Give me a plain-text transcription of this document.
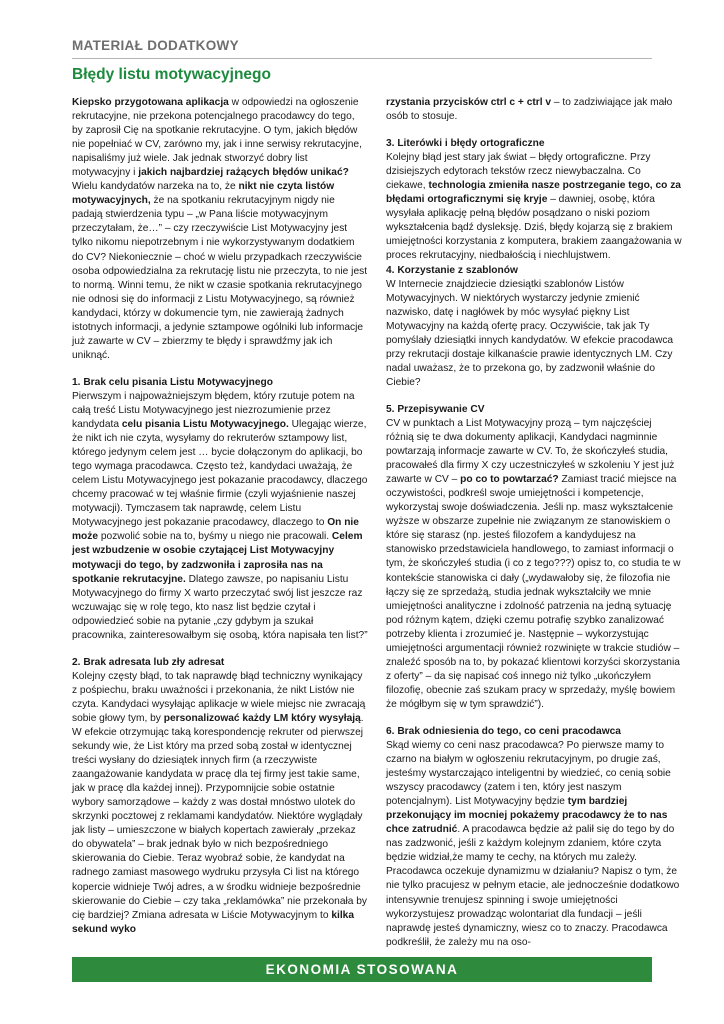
MATERIAŁ DODATKOWY
Błędy listu motywacyjnego

Kiepsko przygotowana aplikacja w odpowiedzi na ogłoszenie rekrutacyjne, nie przekona potencjalnego pracodawcy do tego, by zaprosił Cię na spotkanie rekrutacyjne. O tym, jakich błędów nie popełniać w CV, zarówno my, jak i inne serwisy rekrutacyjne, napisaliśmy już wiele. Jak jednak stworzyć dobry list motywacyjny i jakich najbardziej rażących błędów unikać? Wielu kandydatów narzeka na to, że nikt nie czyta listów motywacyjnych, że na spotkaniu rekrutacyjnym nigdy nie padają stwierdzenia typu – „w Pana liście motywacyjnym przeczytałam, że…” – czy rzeczywiście List Motywacyjny jest tylko nikomu niepotrzebnym i nie wykorzystywanym dodatkiem do CV? Niekoniecznie – choć w wielu przypadkach rzeczywiście osoba odpowiedzialna za rekrutację listu nie przeczyta, to nie jest to normą. Winni temu, że nikt w czasie spotkania rekrutacyjnego nie odnosi się do informacji z Listu Motywacyjnego, są również kandydaci, którzy w dokumencie tym, nie zawierają żadnych istotnych informacji, a jedynie sztampowe ogólniki lub informacje już zawarte w CV – zbierzmy te błędy i sprawdźmy jak ich uniknąć.

1. Brak celu pisania Listu Motywacyjnego

Pierwszym i najpoważniejszym błędem, który rzutuje potem na całą treść Listu Motywacyjnego jest niezrozumienie przez kandydata celu pisania Listu Motywacyjnego. Ulegając wierze, że nikt ich nie czyta, wysyłamy do rekruterów sztampowy list, którego jedynym celem jest … bycie dołączonym do aplikacji, bo tego wymaga pracodawca. Często też, kandydaci uważają, że celem Listu Motywacyjnego jest pokazanie pracodawcy, dlaczego chcemy pracować w tej właśnie firmie (czyli wyjaśnienie naszej motywacji). Tymczasem tak naprawdę, celem Listu Motywacyjnego jest pokazanie pracodawcy, dlaczego to On nie może pozwolić sobie na to, byśmy u niego nie pracowali. Celem jest wzbudzenie w osobie czytającej List Motywacyjny motywacji do tego, by zadzwoniła i zaprosiła nas na spotkanie rekrutacyjne. Dlatego zawsze, po napisaniu Listu Motywacyjnego do firmy X warto przeczytać swój list jeszcze raz wczuwając się w rolę tego, kto nasz list będzie czytał i odpowiedzieć sobie na pytanie „czy gdybym ja szukał pracownika, zainteresowałbym się osobą, która napisała ten list?”

2. Brak adresata lub zły adresat

Kolejny częsty błąd, to tak naprawdę błąd techniczny wynikający z pośpiechu, braku uważności i przekonania, że nikt Listów nie czyta. Kandydaci wysyłając aplikacje w wiele miejsc nie zwracają sobie głowy tym, by personalizować każdy LM który wysyłają. W efekcie otrzymując taką korespondencję rekruter od pierwszej sekundy wie, że List który ma przed sobą został w identycznej treści wysłany do dziesiątek innych firm (a rzeczywiste zaangażowanie kandydata w pracę dla tej firmy jest takie same, jak w pracę dla każdej innej). Przypomnijcie sobie ostatnie wybory samorządowe – każdy z was dostał mnóstwo ulotek do skrzynki pocztowej z reklamami kandydatów. Niektóre wyglądały jak listy – umieszczone w białych kopertach zawierały „przekaz do obywatela” – brak jednak było w nich bezpośredniego skierowania do Ciebie. Teraz wyobraź sobie, że kandydat na radnego zamiast masowego wydruku przysyła Ci list na którego kopercie widnieje Twój adres, a w środku widnieje bezpośrednie skierowanie do Ciebie – czy taka „reklamówka” nie przekonała by cię bardziej? Zmiana adresata w Liście Motywacyjnym to kilka sekund wyko

rzystania przycisków ctrl c + ctrl v – to zadziwiające jak mało osób to stosuje.

3. Literówki i błędy ortograficzne

Kolejny błąd jest stary jak świat – błędy ortograficzne. Przy dzisiejszych edytorach tekstów rzecz niewybaczalna. Co ciekawe, technologia zmieniła nasze postrzeganie tego, co za błędami ortograficznymi się kryje – dawniej, osobę, która wysyłała aplikację pełną błędów posądzano o niski poziom wykształcenia bądź dysleksję. Dziś, błędy kojarzą się z brakiem umiejętności korzystania z komputera, brakiem zaangażowania w proces rekrutacyjny, niedbałością i niechlujstwem.

4. Korzystanie z szablonów

W Internecie znajdziecie dziesiątki szablonów Listów Motywacyjnych. W niektórych wystarczy jedynie zmienić nazwisko, datę i nagłówek by móc wysyłać piękny List Motywacyjny na każdą ofertę pracy. Oczywiście, tak jak Ty pomyślały dziesiątki innych kandydatów. W efekcie pracodawca przy rekrutacji dostaje kilkanaście prawie identycznych LM. Czy nadal uważasz, że to przekona go, by zadzwonił właśnie do Ciebie?

5. Przepisywanie CV

CV w punktach a List Motywacyjny prozą – tym najczęściej różnią się te dwa dokumenty aplikacji, Kandydaci nagminnie powtarzają informacje zawarte w CV. To, że skończyłeś studia, pracowałeś dla firmy X czy uczestniczyłeś w szkoleniu Y jest już zawarte w CV – po co to powtarzać? Zamiast tracić miejsce na oczywistości, podkreśl swoje umiejętności i kompetencje, wykorzystaj swoje doświadczenia. Jeśli np. masz wykształcenie wyższe w obszarze zupełnie nie związanym ze stanowiskiem o które się starasz (np. jesteś filozofem a kandydujesz na stanowisko przedstawiciela handlowego, to zamiast informacji o tym, że skończyłeś studia (i co z tego???) opisz to, co studia te w kontekście stanowiska ci dały („wydawałoby się, że filozofia nie łączy się ze sprzedażą, studia jednak wykształciły we mnie umiejętności analityczne i zdolność patrzenia na jedną sytuację pod różnym kątem, dzięki czemu potrafię szybko zanalizować potrzeby klienta i zrozumieć je. Następnie – wykorzystując umiejętności argumentacji również rozwinięte w trakcie studiów – znaleźć sposób na to, by pokazać klientowi korzyści skorzystania z oferty” – da się napisać coś innego niż tylko „ukończyłem filozofię, obecnie zaś szukam pracy w sprzedaży, myślę bowiem że mógłbym się w tym sprawdzić”).

6. Brak odniesienia do tego, co ceni pracodawca

Skąd wiemy co ceni nasz pracodawca? Po pierwsze mamy to czarno na białym w ogłoszeniu rekrutacyjnym, po drugie zaś, jesteśmy wystarczająco inteligentni by wiedzieć, co cenią sobie wszyscy pracodawcy (zatem i ten, który jest naszym potencjalnym). List Motywacyjny będzie tym bardziej przekonujący im mocniej pokażemy pracodawcy że to nas chce zatrudnić. A pracodawca będzie aż palił się do tego by do nas zadzwonić, jeśli z każdym kolejnym zdaniem, które czyta będzie widział,że mamy te cechy, na których mu zależy. Pracodawca oczekuje dynamizmu w działaniu? Napisz o tym, że nie tylko pracujesz w pełnym etacie, ale jednocześnie dodatkowo intensywnie trenujesz spinning i swoje umiejętności wykorzystujesz prowadząc wolontariat dla fundacji – jeśli naprawdę jesteś dynamiczny, wiesz co to znaczy. Pracodawca podkreślił, że zależy mu na oso-

EKONOMIA STOSOWANA
